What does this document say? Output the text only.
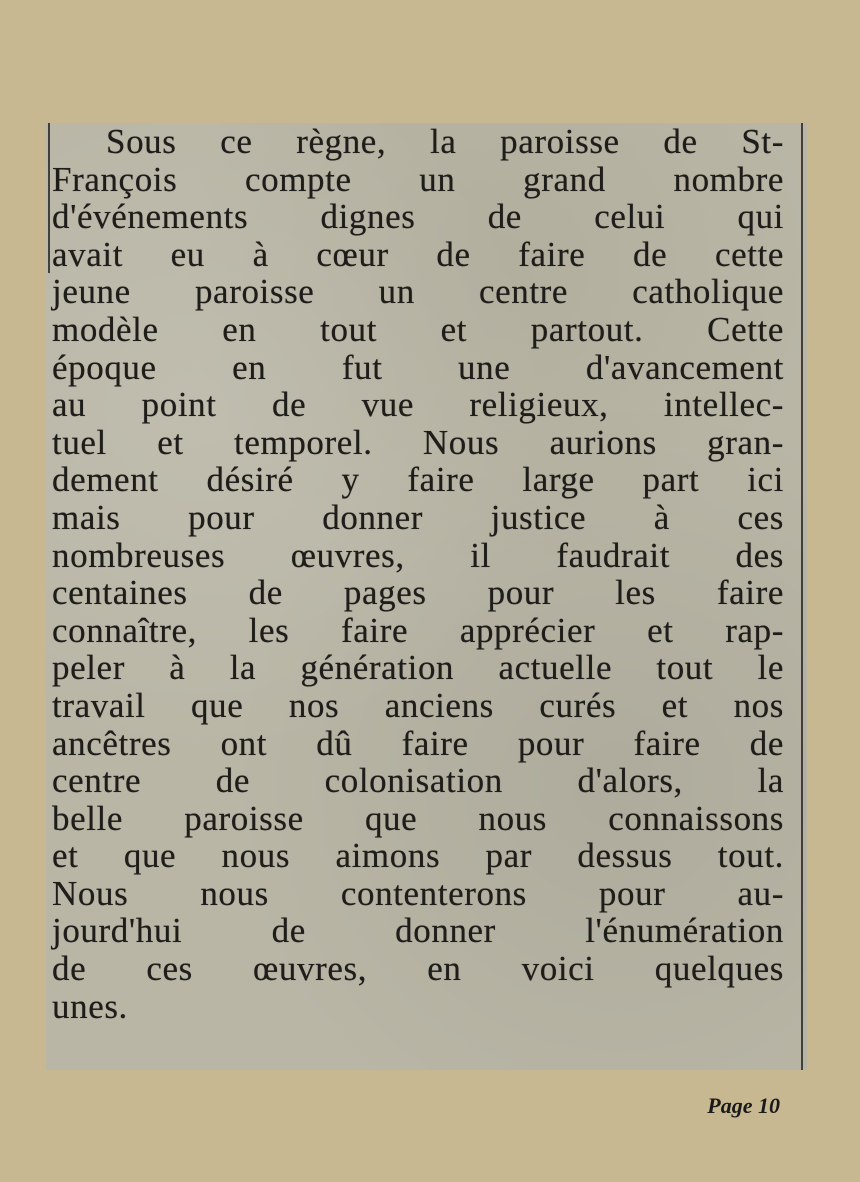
Sous ce règne, la paroisse de St-
François compte un grand nombre
d'événements dignes de celui qui
avait eu à cœur de faire de cette
jeune paroisse un centre catholique
modèle en tout et partout. Cette
époque en fut une d'avancement
au point de vue religieux, intellec-
tuel et temporel. Nous aurions gran-
dement désiré y faire large part ici
mais pour donner justice à ces
nombreuses œuvres, il faudrait des
centaines de pages pour les faire
connaître, les faire apprécier et rap-
peler à la génération actuelle tout le
travail que nos anciens curés et nos
ancêtres ont dû faire pour faire de
centre de colonisation d'alors, la
belle paroisse que nous connaissons
et que nous aimons par dessus tout.
Nous nous contenterons pour au-
jourd'hui de donner l'énumération
de ces œuvres, en voici quelques
unes.
Page 10
